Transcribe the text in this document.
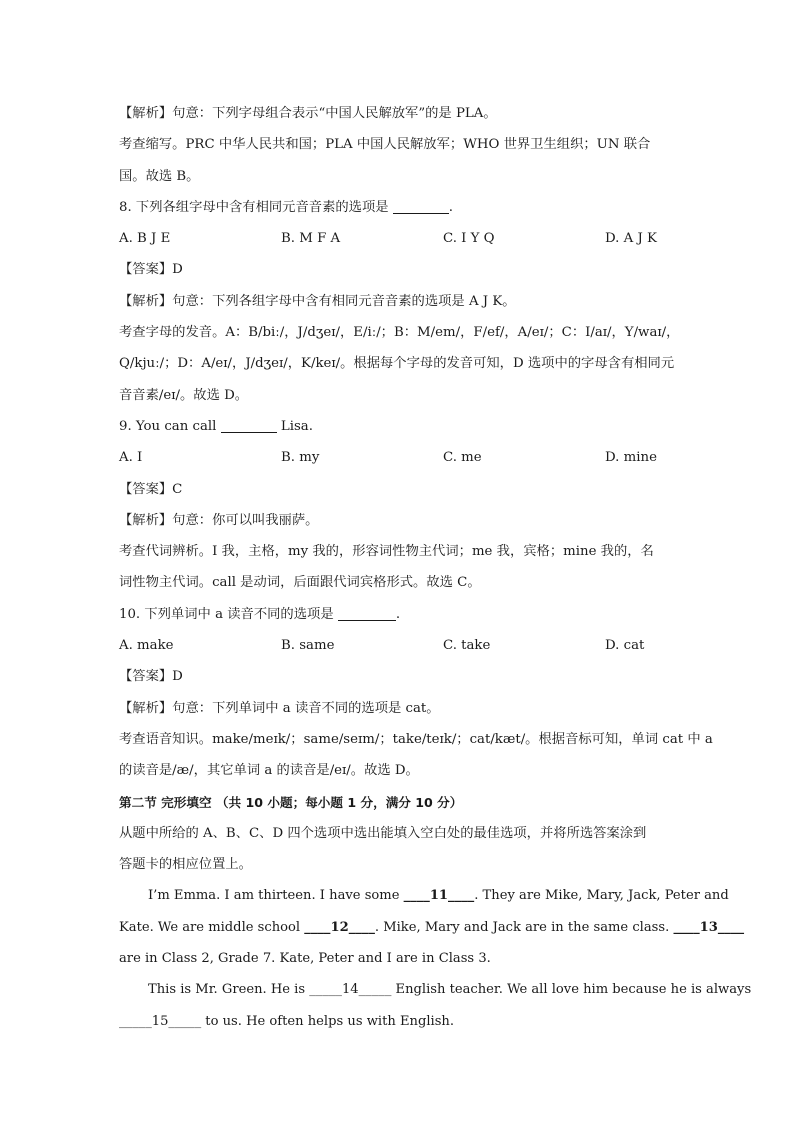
【解析】句意：下列字母组合表示“中国人民解放军”的是 PLA。
考查缩写。PRC 中华人民共和国；PLA 中国人民解放军；WHO 世界卫生组织；UN 联合
国。故选 B。
8. 下列各组字母中含有相同元音音素的选项是	.
A. B J E	B. M F A	C. I Y Q	D. A J K
【答案】D
【解析】句意：下列各组字母中含有相同元音音素的选项是 A J K。
考查字母的发音。A：B/biː/，J/dʒeɪ/，E/iː/；B：M/em/，F/ef/，A/eɪ/；C：I/aɪ/，Y/waɪ/，
Q/kjuː/；D：A/eɪ/，J/dʒeɪ/，K/keɪ/。根据每个字母的发音可知，D 选项中的字母含有相同元
音音素/eɪ/。故选 D。
9. You can call	Lisa.
A. I	B. my	C. me	D. mine
【答案】C
【解析】句意：你可以叫我丽萨。
考查代词辨析。I 我，主格，my 我的，形容词性物主代词；me 我，宾格；mine 我的，名
词性物主代词。call 是动词，后面跟代词宾格形式。故选 C。
10. 下列单词中 a 读音不同的选项是	.
A. make	B. same	C. take	D. cat
【答案】D
【解析】句意：下列单词中 a 读音不同的选项是 cat。
考查语音知识。make/meɪk/；same/seɪm/；take/teɪk/；cat/kæt/。根据音标可知，单词 cat 中 a
的读音是/æ/，其它单词 a 的读音是/eɪ/。故选 D。
第二节 完形填空 （共 10 小题；每小题 1 分，满分 10 分）
从题中所给的 A、B、C、D 四个选项中选出能填入空白处的最佳选项，并将所选答案涂到
答题卡的相应位置上。
I’m Emma. I am thirteen. I have some ____11____. They are Mike, Mary, Jack, Peter and
Kate. We are middle school ____12____. Mike, Mary and Jack are in the same class. ____13____
are in Class 2, Grade 7. Kate, Peter and I are in Class 3.
This is Mr. Green. He is _____14_____ English teacher. We all love him because he is always
_____15_____ to us. He often helps us with English.
